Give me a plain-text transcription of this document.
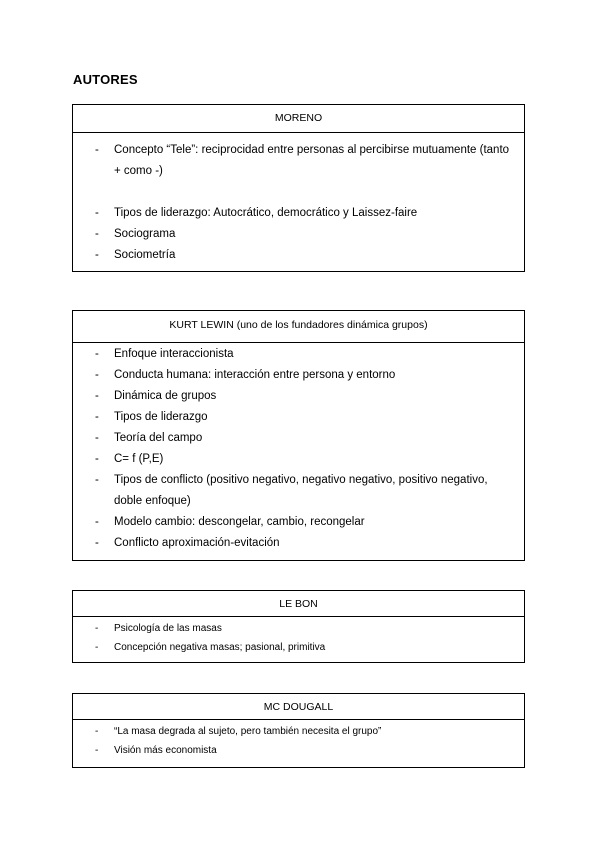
AUTORES
MORENO
- Concepto “Tele”: reciprocidad entre personas al percibirse mutuamente (tanto + como -)
- Tipos de liderazgo: Autocrático, democrático y Laissez-faire
- Sociograma
- Sociometría
KURT LEWIN (uno de los fundadores dinámica grupos)
- Enfoque interaccionista
- Conducta humana: interacción entre persona y entorno
- Dinámica de grupos
- Tipos de liderazgo
- Teoría del campo
- C= f (P,E)
- Tipos de conflicto (positivo negativo, negativo negativo, positivo negativo, doble enfoque)
- Modelo cambio: descongelar, cambio, recongelar
- Conflicto aproximación-evitación
LE BON
- Psicología de las masas
- Concepción negativa masas; pasional, primitiva
MC DOUGALL
- “La masa degrada al sujeto, pero también necesita el grupo”
- Visión más economista
